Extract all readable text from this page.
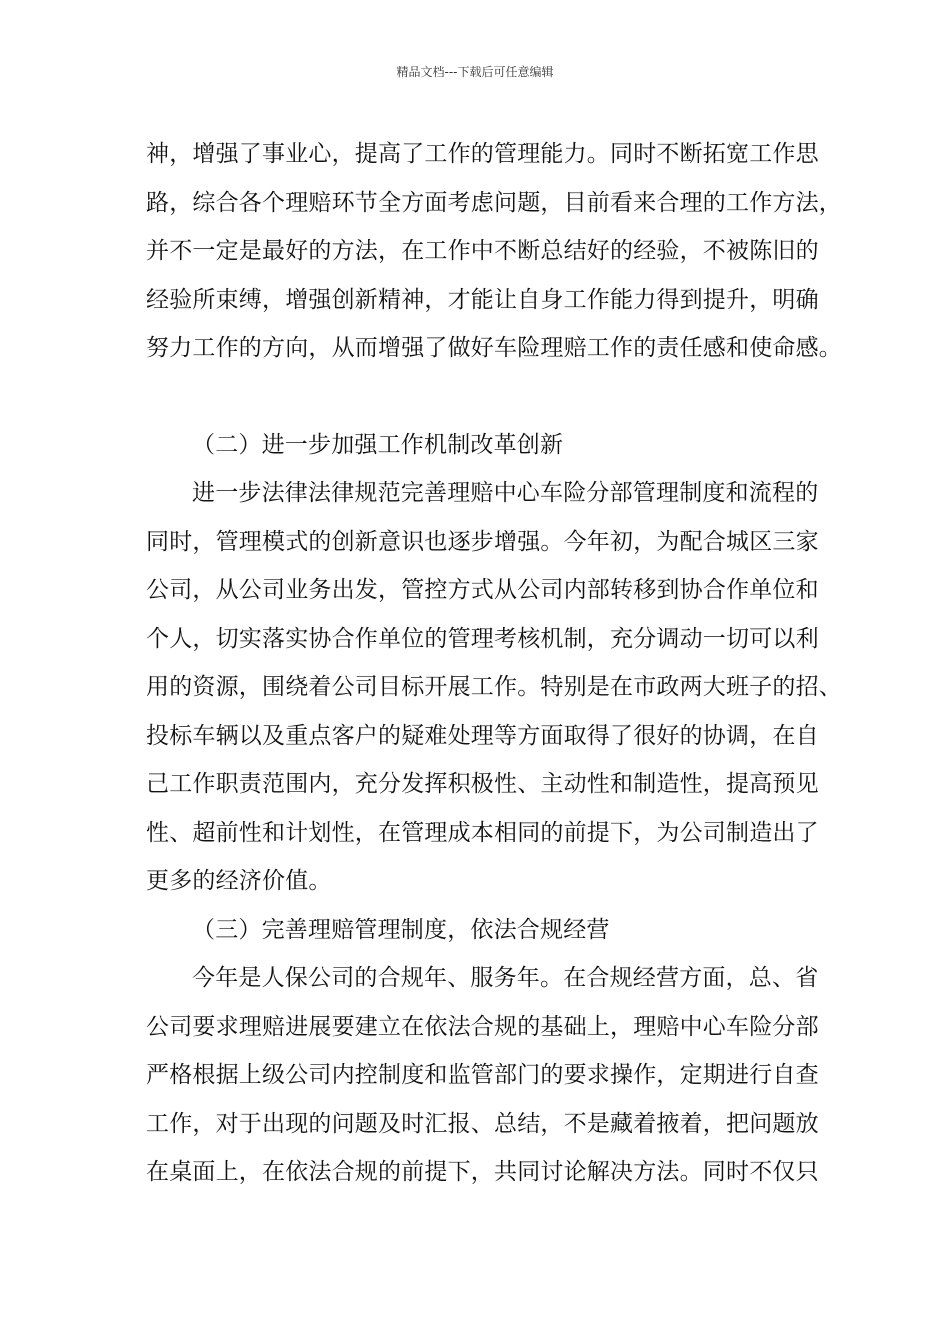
精品文档---下载后可任意编辑
神，增强了事业心，提高了工作的管理能力。同时不断拓宽工作思
路，综合各个理赔环节全方面考虑问题，目前看来合理的工作方法，
并不一定是最好的方法，在工作中不断总结好的经验，不被陈旧的
经验所束缚，增强创新精神，才能让自身工作能力得到提升，明确
努力工作的方向，从而增强了做好车险理赔工作的责任感和使命感。
（二）进一步加强工作机制改革创新
进一步法律法律规范完善理赔中心车险分部管理制度和流程的
同时，管理模式的创新意识也逐步增强。今年初，为配合城区三家
公司，从公司业务出发，管控方式从公司内部转移到协合作单位和
个人，切实落实协合作单位的管理考核机制，充分调动一切可以利
用的资源，围绕着公司目标开展工作。特别是在市政两大班子的招、
投标车辆以及重点客户的疑难处理等方面取得了很好的协调，在自
己工作职责范围内，充分发挥积极性、主动性和制造性，提高预见
性、超前性和计划性，在管理成本相同的前提下，为公司制造出了
更多的经济价值。
（三）完善理赔管理制度，依法合规经营
今年是人保公司的合规年、服务年。在合规经营方面，总、省
公司要求理赔进展要建立在依法合规的基础上，理赔中心车险分部
严格根据上级公司内控制度和监管部门的要求操作，定期进行自查
工作，对于出现的问题及时汇报、总结，不是藏着掖着，把问题放
在桌面上，在依法合规的前提下，共同讨论解决方法。同时不仅只
